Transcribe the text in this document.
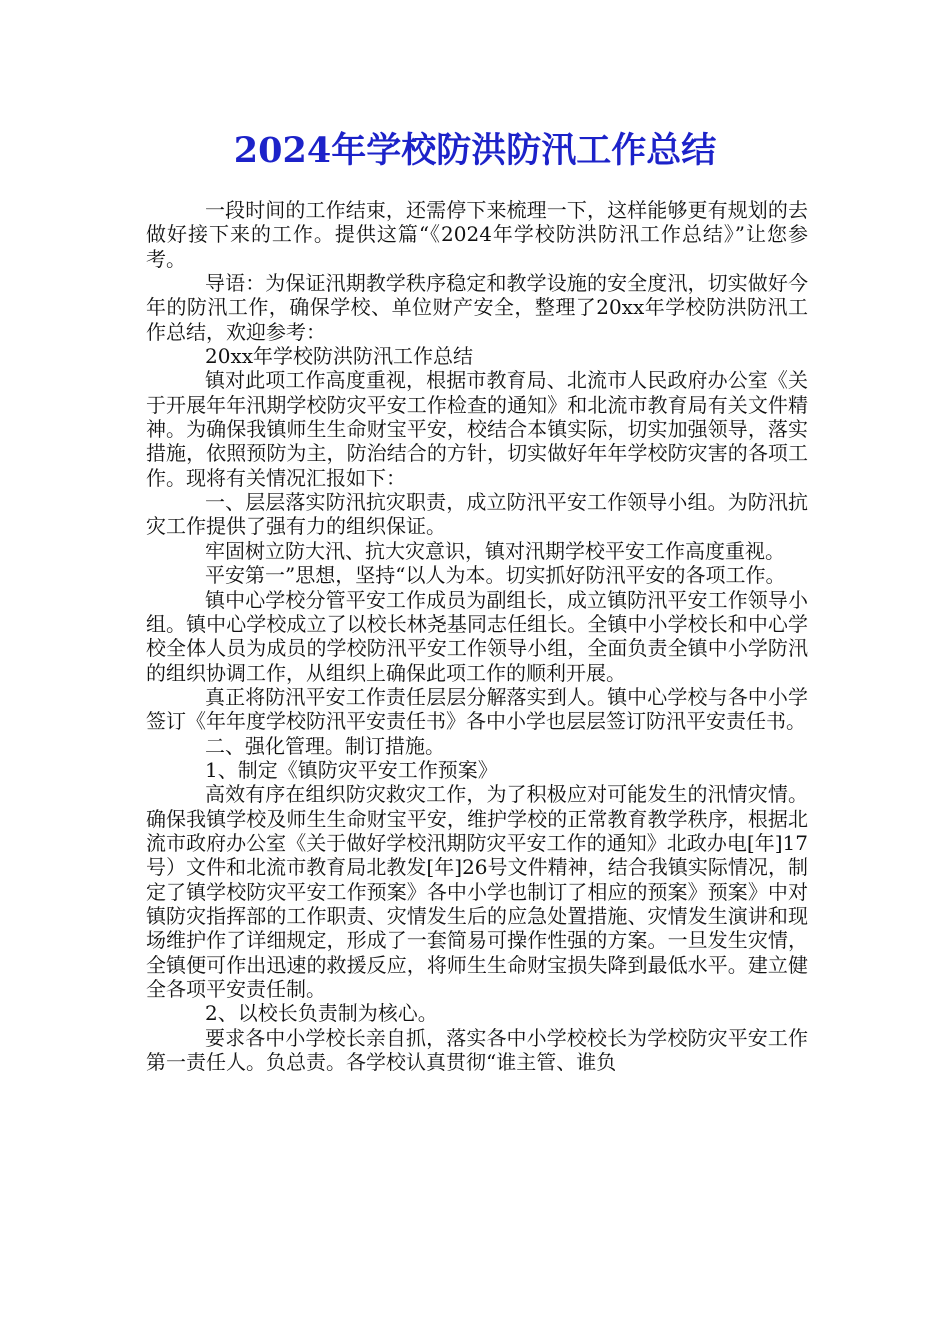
2024年学校防洪防汛工作总结

一段时间的工作结束，还需停下来梳理一下，这样能够更有规划的去做好接下来的工作。提供这篇“《2024年学校防洪防汛工作总结》”让您参考。

导语：为保证汛期教学秩序稳定和教学设施的安全度汛，切实做好今年的防汛工作，确保学校、单位财产安全，整理了20xx年学校防洪防汛工作总结，欢迎参考：

20xx年学校防洪防汛工作总结

镇对此项工作高度重视，根据市教育局、北流市人民政府办公室《关于开展年年汛期学校防灾平安工作检查的通知》和北流市教育局有关文件精神。为确保我镇师生生命财宝平安，校结合本镇实际，切实加强领导，落实措施，依照预防为主，防治结合的方针，切实做好年年学校防灾害的各项工作。现将有关情况汇报如下：

一、层层落实防汛抗灾职责，成立防汛平安工作领导小组。为防汛抗灾工作提供了强有力的组织保证。

牢固树立防大汛、抗大灾意识，镇对汛期学校平安工作高度重视。

平安第一”思想，坚持“以人为本。切实抓好防汛平安的各项工作。

镇中心学校分管平安工作成员为副组长，成立镇防汛平安工作领导小组。镇中心学校成立了以校长林尧基同志任组长。全镇中小学校长和中心学校全体人员为成员的学校防汛平安工作领导小组，全面负责全镇中小学防汛的组织协调工作，从组织上确保此项工作的顺利开展。

真正将防汛平安工作责任层层分解落实到人。镇中心学校与各中小学签订《年年度学校防汛平安责任书》各中小学也层层签订防汛平安责任书。

二、强化管理。制订措施。

1、制定《镇防灾平安工作预案》

高效有序在组织防灾救灾工作，为了积极应对可能发生的汛情灾情。确保我镇学校及师生生命财宝平安，维护学校的正常教育教学秩序，根据北流市政府办公室《关于做好学校汛期防灾平安工作的通知》北政办电[年]17号）文件和北流市教育局北教发[年]26号文件精神，结合我镇实际情况，制定了镇学校防灾平安工作预案》各中小学也制订了相应的预案》预案》中对镇防灾指挥部的工作职责、灾情发生后的应急处置措施、灾情发生演讲和现场维护作了详细规定，形成了一套简易可操作性强的方案。一旦发生灾情，全镇便可作出迅速的救援反应，将师生生命财宝损失降到最低水平。建立健全各项平安责任制。

2、以校长负责制为核心。

要求各中小学校长亲自抓，落实各中小学校校长为学校防灾平安工作第一责任人。负总责。各学校认真贯彻“谁主管、谁负
